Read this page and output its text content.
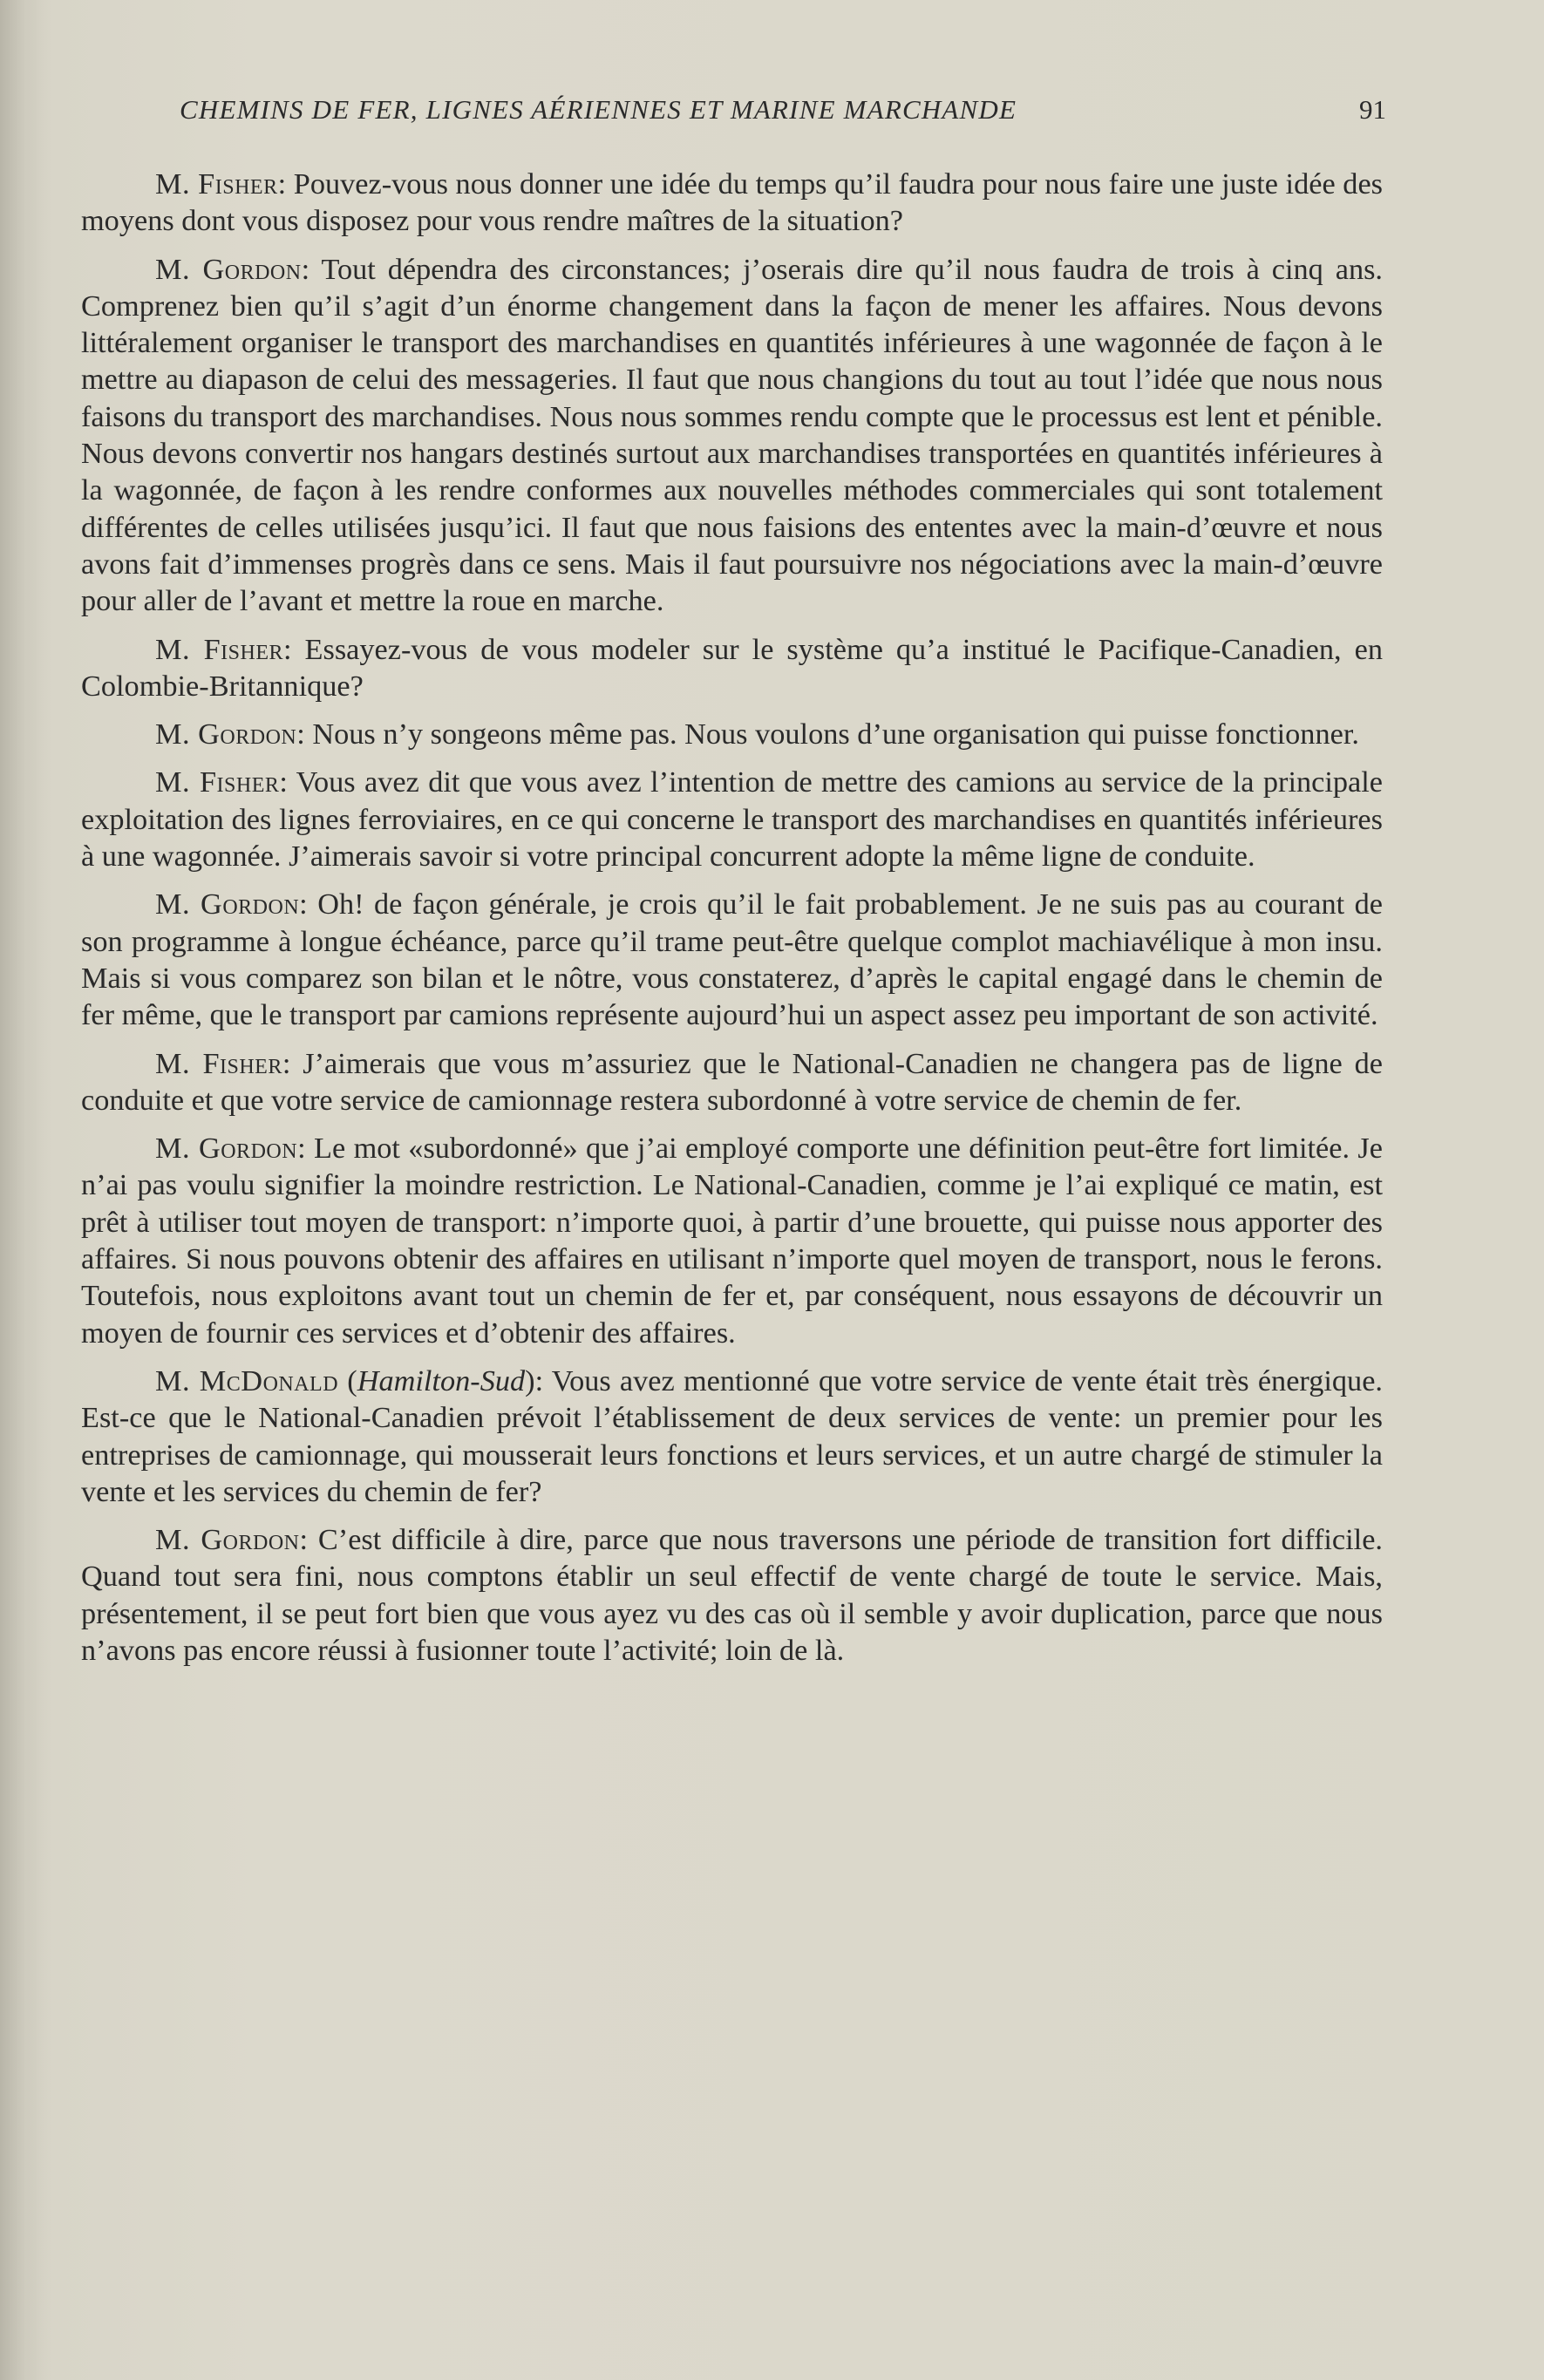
CHEMINS DE FER, LIGNES AÉRIENNES ET MARINE MARCHANDE	91

M. Fisher: Pouvez-vous nous donner une idée du temps qu’il faudra pour nous faire une juste idée des moyens dont vous disposez pour vous rendre maîtres de la situation?

M. Gordon: Tout dépendra des circonstances; j’oserais dire qu’il nous faudra de trois à cinq ans. Comprenez bien qu’il s’agit d’un énorme changement dans la façon de mener les affaires. Nous devons littéralement organiser le transport des marchandises en quantités inférieures à une wagonnée de façon à le mettre au diapason de celui des messageries. Il faut que nous changions du tout au tout l’idée que nous nous faisons du transport des marchandises. Nous nous sommes rendu compte que le processus est lent et pénible. Nous devons convertir nos hangars destinés surtout aux marchandises transportées en quantités inférieures à la wagonnée, de façon à les rendre conformes aux nouvelles méthodes commerciales qui sont totalement différentes de celles utilisées jusqu’ici. Il faut que nous faisions des ententes avec la main-d’œuvre et nous avons fait d’immenses progrès dans ce sens. Mais il faut poursuivre nos négociations avec la main-d’œuvre pour aller de l’avant et mettre la roue en marche.

M. Fisher: Essayez-vous de vous modeler sur le système qu’a institué le Pacifique-Canadien, en Colombie-Britannique?

M. Gordon: Nous n’y songeons même pas. Nous voulons d’une organisation qui puisse fonctionner.

M. Fisher: Vous avez dit que vous avez l’intention de mettre des camions au service de la principale exploitation des lignes ferroviaires, en ce qui concerne le transport des marchandises en quantités inférieures à une wagonnée. J’aimerais savoir si votre principal concurrent adopte la même ligne de conduite.

M. Gordon: Oh! de façon générale, je crois qu’il le fait probablement. Je ne suis pas au courant de son programme à longue échéance, parce qu’il trame peut-être quelque complot machiavélique à mon insu. Mais si vous comparez son bilan et le nôtre, vous constaterez, d’après le capital engagé dans le chemin de fer même, que le transport par camions représente aujourd’hui un aspect assez peu important de son activité.

M. Fisher: J’aimerais que vous m’assuriez que le National-Canadien ne changera pas de ligne de conduite et que votre service de camionnage restera subordonné à votre service de chemin de fer.

M. Gordon: Le mot «subordonné» que j’ai employé comporte une définition peut-être fort limitée. Je n’ai pas voulu signifier la moindre restriction. Le National-Canadien, comme je l’ai expliqué ce matin, est prêt à utiliser tout moyen de transport: n’importe quoi, à partir d’une brouette, qui puisse nous apporter des affaires. Si nous pouvons obtenir des affaires en utilisant n’importe quel moyen de transport, nous le ferons. Toutefois, nous exploitons avant tout un chemin de fer et, par conséquent, nous essayons de découvrir un moyen de fournir ces services et d’obtenir des affaires.

M. McDonald (Hamilton-Sud): Vous avez mentionné que votre service de vente était très énergique. Est-ce que le National-Canadien prévoit l’établissement de deux services de vente: un premier pour les entreprises de camionnage, qui mousserait leurs fonctions et leurs services, et un autre chargé de stimuler la vente et les services du chemin de fer?

M. Gordon: C’est difficile à dire, parce que nous traversons une période de transition fort difficile. Quand tout sera fini, nous comptons établir un seul effectif de vente chargé de toute le service. Mais, présentement, il se peut fort bien que vous ayez vu des cas où il semble y avoir duplication, parce que nous n’avons pas encore réussi à fusionner toute l’activité; loin de là.
